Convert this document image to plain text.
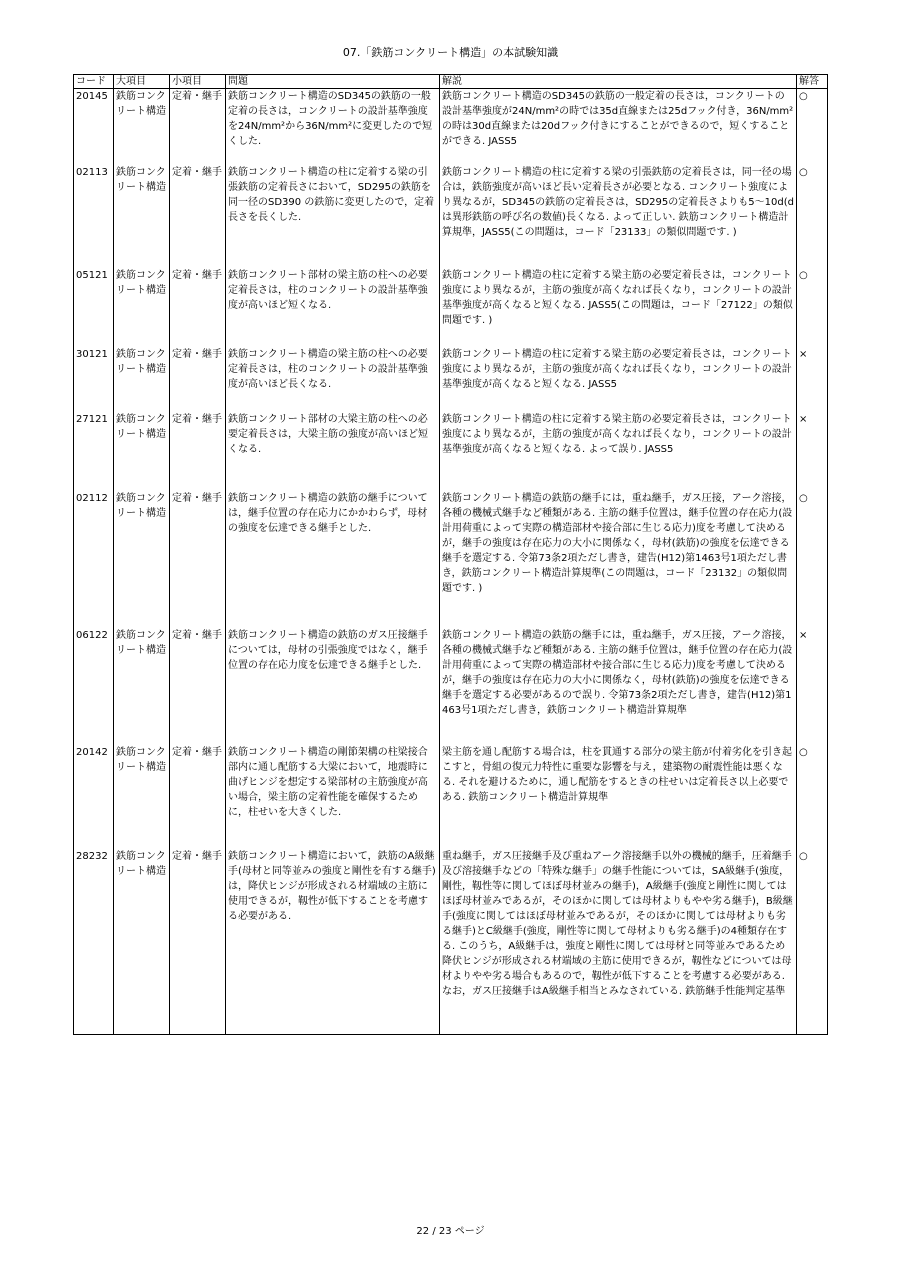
07.「鉄筋コンクリート構造」の本試験知識
コード	大項目	小項目	問題	解説	解答
20145	鉄筋コンクリート構造	定着・継手	鉄筋コンクリート構造のSD345の鉄筋の一般定着の長さは，コンクリートの設計基準強度を24N/mm²から36N/mm²に変更したので短くした.	鉄筋コンクリート構造のSD345の鉄筋の一般定着の長さは，コンクリートの設計基準強度が24N/mm²の時では35d直線または25dフック付き，36N/mm²の時は30d直線または20dフック付きにすることができるので，短くすることができる. JASS5	○
02113	鉄筋コンクリート構造	定着・継手	鉄筋コンクリート構造の柱に定着する梁の引張鉄筋の定着長さにおいて，SD295の鉄筋を同一径のSD390 の鉄筋に変更したので，定着長さを長くした.	鉄筋コンクリート構造の柱に定着する梁の引張鉄筋の定着長さは，同一径の場合は，鉄筋強度が高いほど長い定着長さが必要となる. コンクリート強度により異なるが，SD345の鉄筋の定着長さは，SD295の定着長さよりも5～10d(dは異形鉄筋の呼び名の数値)長くなる. よって正しい. 鉄筋コンクリート構造計算規準，JASS5(この問題は，コード「23133」の類似問題です. )	○
05121	鉄筋コンクリート構造	定着・継手	鉄筋コンクリート部材の梁主筋の柱への必要定着長さは，柱のコンクリートの設計基準強度が高いほど短くなる.	鉄筋コンクリート構造の柱に定着する梁主筋の必要定着長さは，コンクリート強度により異なるが，主筋の強度が高くなれば長くなり，コンクリートの設計基準強度が高くなると短くなる. JASS5(この問題は，コード「27122」の類似問題です. )	○
30121	鉄筋コンクリート構造	定着・継手	鉄筋コンクリート構造の梁主筋の柱への必要定着長さは，柱のコンクリートの設計基準強度が高いほど長くなる.	鉄筋コンクリート構造の柱に定着する梁主筋の必要定着長さは，コンクリート強度により異なるが，主筋の強度が高くなれば長くなり，コンクリートの設計基準強度が高くなると短くなる. JASS5	×
27121	鉄筋コンクリート構造	定着・継手	鉄筋コンクリート部材の大梁主筋の柱への必要定着長さは，大梁主筋の強度が高いほど短くなる.	鉄筋コンクリート構造の柱に定着する梁主筋の必要定着長さは，コンクリート強度により異なるが，主筋の強度が高くなれば長くなり，コンクリートの設計基準強度が高くなると短くなる. よって誤り. JASS5	×
02112	鉄筋コンクリート構造	定着・継手	鉄筋コンクリート構造の鉄筋の継手については，継手位置の存在応力にかかわらず，母材の強度を伝達できる継手とした.	鉄筋コンクリート構造の鉄筋の継手には，重ね継手，ガス圧接，アーク溶接，各種の機械式継手など種類がある. 主筋の継手位置は，継手位置の存在応力(設計用荷重によって実際の構造部材や接合部に生じる応力)度を考慮して決めるが，継手の強度は存在応力の大小に関係なく，母材(鉄筋)の強度を伝達できる継手を選定する. 令第73条2項ただし書き，建告(H12)第1463号1項ただし書き，鉄筋コンクリート構造計算規準(この問題は，コード「23132」の類似問題です. )	○
06122	鉄筋コンクリート構造	定着・継手	鉄筋コンクリート構造の鉄筋のガス圧接継手については，母材の引張強度ではなく，継手位置の存在応力度を伝達できる継手とした.	鉄筋コンクリート構造の鉄筋の継手には，重ね継手，ガス圧接，アーク溶接，各種の機械式継手など種類がある. 主筋の継手位置は，継手位置の存在応力(設計用荷重によって実際の構造部材や接合部に生じる応力)度を考慮して決めるが，継手の強度は存在応力の大小に関係なく，母材(鉄筋)の強度を伝達できる継手を選定する必要があるので誤り. 令第73条2項ただし書き，建告(H12)第1463号1項ただし書き，鉄筋コンクリート構造計算規準	×
20142	鉄筋コンクリート構造	定着・継手	鉄筋コンクリート構造の剛節架構の柱梁接合部内に通し配筋する大梁において，地震時に曲げヒンジを想定する梁部材の主筋強度が高い場合，梁主筋の定着性能を確保するために，柱せいを大きくした.	梁主筋を通し配筋する場合は，柱を貫通する部分の梁主筋が付着劣化を引き起こすと，骨組の復元力特性に重要な影響を与え，建築物の耐震性能は悪くなる. それを避けるために，通し配筋をするときの柱せいは定着長さ以上必要である. 鉄筋コンクリート構造計算規準	○
28232	鉄筋コンクリート構造	定着・継手	鉄筋コンクリート構造において，鉄筋のA級継手(母材と同等並みの強度と剛性を有する継手)は，降伏ヒンジが形成される材端域の主筋に使用できるが，靱性が低下することを考慮する必要がある.	重ね継手，ガス圧接継手及び重ねアーク溶接継手以外の機械的継手，圧着継手及び溶接継手などの「特殊な継手」の継手性能については，SA級継手(強度，剛性，靱性等に関してほぼ母材並みの継手)，A級継手(強度と剛性に関してはほぼ母材並みであるが，そのほかに関しては母材よりもやや劣る継手)，B級継手(強度に関してはほぼ母材並みであるが，そのほかに関しては母材よりも劣る継手)とC級継手(強度，剛性等に関して母材よりも劣る継手)の4種類存在する. このうち，A級継手は，強度と剛性に関しては母材と同等並みであるため降伏ヒンジが形成される材端域の主筋に使用できるが，靱性などについては母材よりやや劣る場合もあるので，靱性が低下することを考慮する必要がある. なお，ガス圧接継手はA級継手相当とみなされている. 鉄筋継手性能判定基準	○
22 / 23 ページ
